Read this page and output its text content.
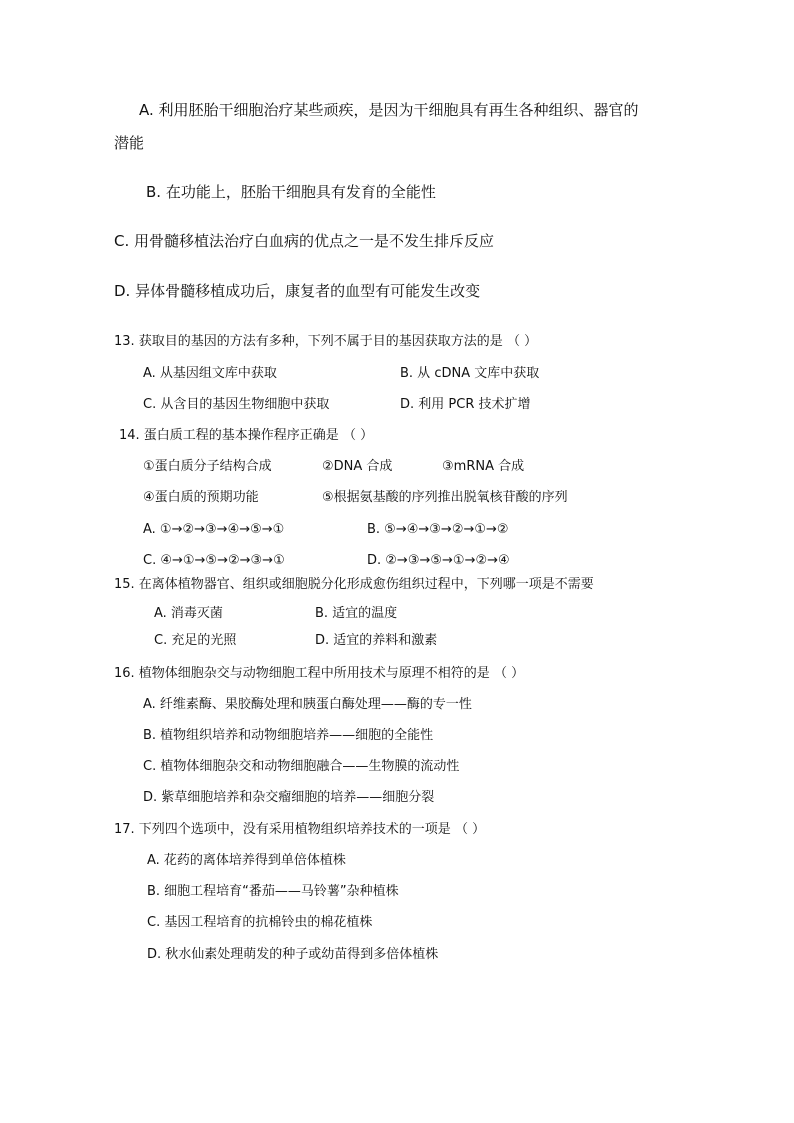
A. 利用胚胎干细胞治疗某些顽疾，是因为干细胞具有再生各种组织、器官的
潜能
B. 在功能上，胚胎干细胞具有发育的全能性
C. 用骨髓移植法治疗白血病的优点之一是不发生排斥反应
D. 异体骨髓移植成功后，康复者的血型有可能发生改变
13. 获取目的基因的方法有多种，下列不属于目的基因获取方法的是 （ ）
A. 从基因组文库中获取	B. 从 cDNA 文库中获取
C. 从含目的基因生物细胞中获取	D. 利用 PCR 技术扩增
14. 蛋白质工程的基本操作程序正确是 （ ）
①蛋白质分子结构合成	②DNA 合成	③mRNA 合成
④蛋白质的预期功能	⑤根据氨基酸的序列推出脱氧核苷酸的序列
A. ①→②→③→④→⑤→①	B. ⑤→④→③→②→①→②
C. ④→①→⑤→②→③→①	D. ②→③→⑤→①→②→④
15. 在离体植物器官、组织或细胞脱分化形成愈伤组织过程中，下列哪一项是不需要
A. 消毒灭菌	B. 适宜的温度
C. 充足的光照	D. 适宜的养料和激素
16. 植物体细胞杂交与动物细胞工程中所用技术与原理不相符的是 （ ）
A. 纤维素酶、果胶酶处理和胰蛋白酶处理——酶的专一性
B. 植物组织培养和动物细胞培养——细胞的全能性
C. 植物体细胞杂交和动物细胞融合——生物膜的流动性
D. 紫草细胞培养和杂交瘤细胞的培养——细胞分裂
17. 下列四个选项中，没有采用植物组织培养技术的一项是 （ ）
A. 花药的离体培养得到单倍体植株
B. 细胞工程培育“番茄——马铃薯”杂种植株
C. 基因工程培育的抗棉铃虫的棉花植株
D. 秋水仙素处理萌发的种子或幼苗得到多倍体植株
